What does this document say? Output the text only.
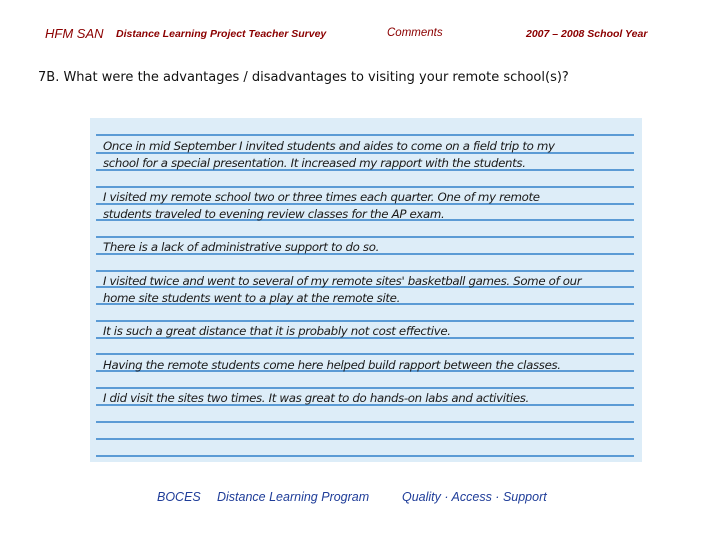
HFM SAN Distance Learning Project Teacher Survey	Comments	2007 – 2008 School Year
7B. What were the advantages / disadvantages to visiting your remote school(s)?
Once in mid September I invited students and aides to come on a field trip to my
school for a special presentation. It increased my rapport with the students.
I visited my remote school two or three times each quarter. One of my remote
students traveled to evening review classes for the AP exam.
There is a lack of administrative support to do so.
I visited twice and went to several of my remote sites' basketball games. Some of our
home site students went to a play at the remote site.
It is such a great distance that it is probably not cost effective.
Having the remote students come here helped build rapport between the classes.
I did visit the sites two times. It was great to do hands-on labs and activities.
BOCES Distance Learning Program	Quality · Access · Support
